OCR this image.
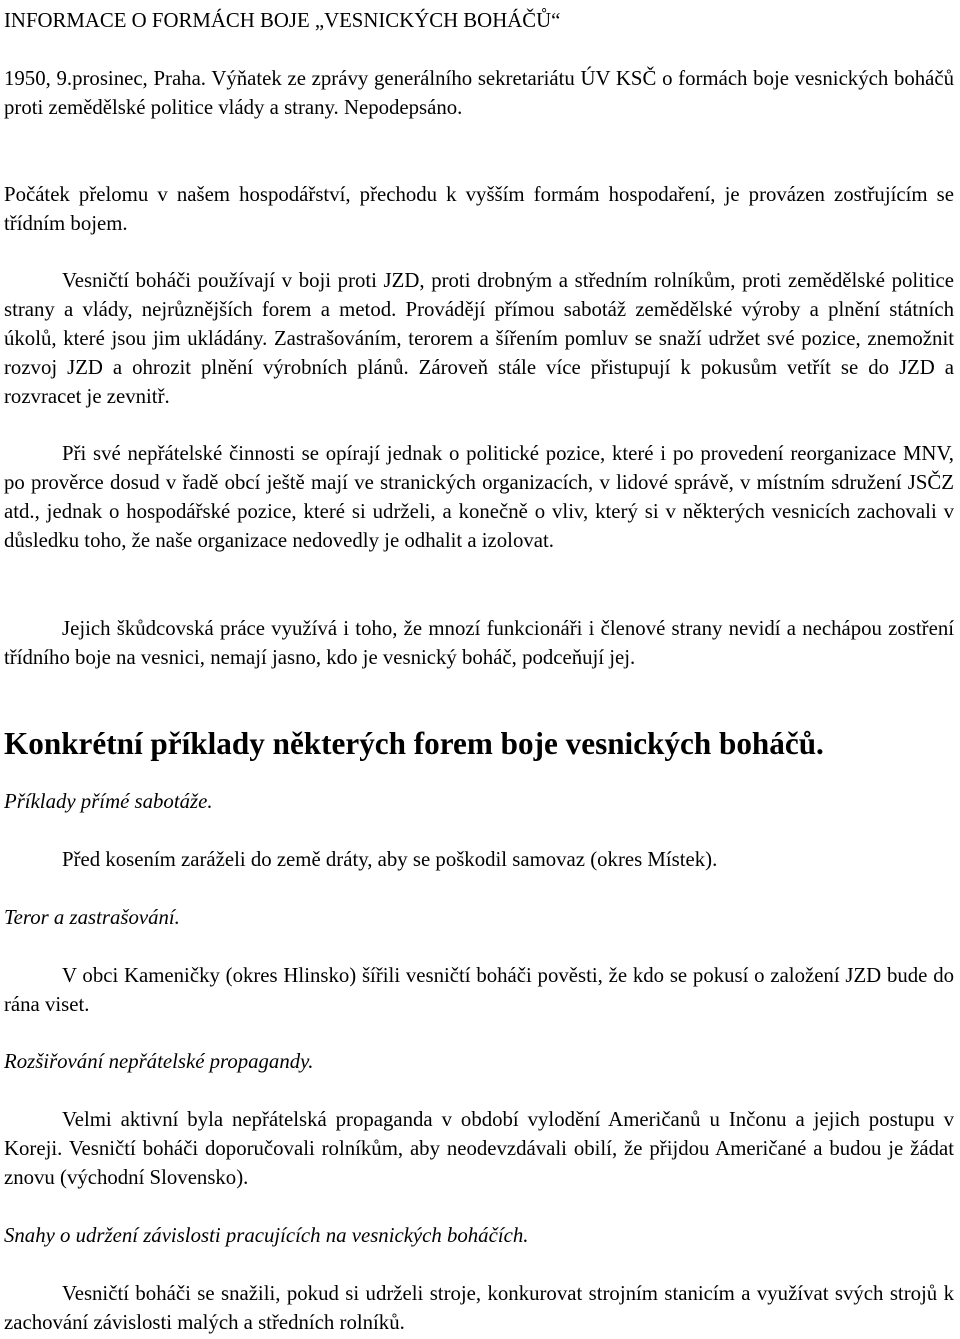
INFORMACE O FORMÁCH BOJE „VESNICKÝCH BOHÁČŮ“

1950, 9.prosinec, Praha. Výňatek ze zprávy generálního sekretariátu ÚV KSČ o formách boje vesnických boháčů proti zemědělské politice vlády a strany. Nepodepsáno.

Počátek přelomu v našem hospodářství, přechodu k vyšším formám hospodaření, je provázen zostřujícím se třídním bojem.

Vesničtí boháči používají v boji proti JZD, proti drobným a středním rolníkům, proti zemědělské politice strany a vlády, nejrůznějších forem a metod. Provádějí přímou sabotáž zemědělské výroby a plnění státních úkolů, které jsou jim ukládány. Zastrašováním, terorem a šířením pomluv se snaží udržet své pozice, znemožnit rozvoj JZD a ohrozit plnění výrobních plánů. Zároveň stále více přistupují k pokusům vetřít se do JZD a rozvracet je zevnitř.

Při své nepřátelské činnosti se opírají jednak o politické pozice, které i po provedení reorganizace MNV, po prověrce dosud v řadě obcí ještě mají ve stranických organizacích, v lidové správě, v místním sdružení JSČZ atd., jednak o hospodářské pozice, které si udrželi, a konečně o vliv, který si v některých vesnicích zachovali v důsledku toho, že naše organizace nedovedly je odhalit a izolovat.

Jejich škůdcovská práce využívá i toho, že mnozí funkcionáři i členové strany nevidí a nechápou zostření třídního boje na vesnici, nemají jasno, kdo je vesnický boháč, podceňují jej.

Konkrétní příklady některých forem boje vesnických boháčů.

Příklady přímé sabotáže.

Před kosením zaráželi do země dráty, aby se poškodil samovaz (okres Místek).

Teror a zastrašování.

V obci Kameničky (okres Hlinsko) šířili vesničtí boháči pověsti, že kdo se pokusí o založení JZD bude do rána viset.

Rozšiřování nepřátelské propagandy.

Velmi aktivní byla nepřátelská propaganda v období vylodění Američanů u Inčonu a jejich postupu v Koreji. Vesničtí boháči doporučovali rolníkům, aby neodevzdávali obilí, že přijdou Američané a budou je žádat znovu (východní Slovensko).

Snahy o udržení závislosti pracujících na vesnických boháčích.

Vesničtí boháči se snažili, pokud si udrželi stroje, konkurovat strojním stanicím a využívat svých strojů k zachování závislosti malých a středních rolníků.
